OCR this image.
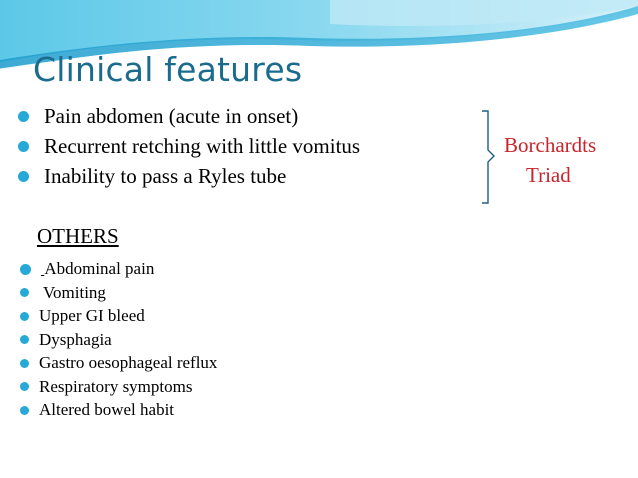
Clinical features
Pain abdomen (acute in onset)
Recurrent retching with little vomitus
Inability to pass a Ryles tube
Borchardts
Triad
OTHERS
Abdominal pain
Vomiting
Upper GI bleed
Dysphagia
Gastro oesophageal reflux
Respiratory symptoms
Altered bowel habit
